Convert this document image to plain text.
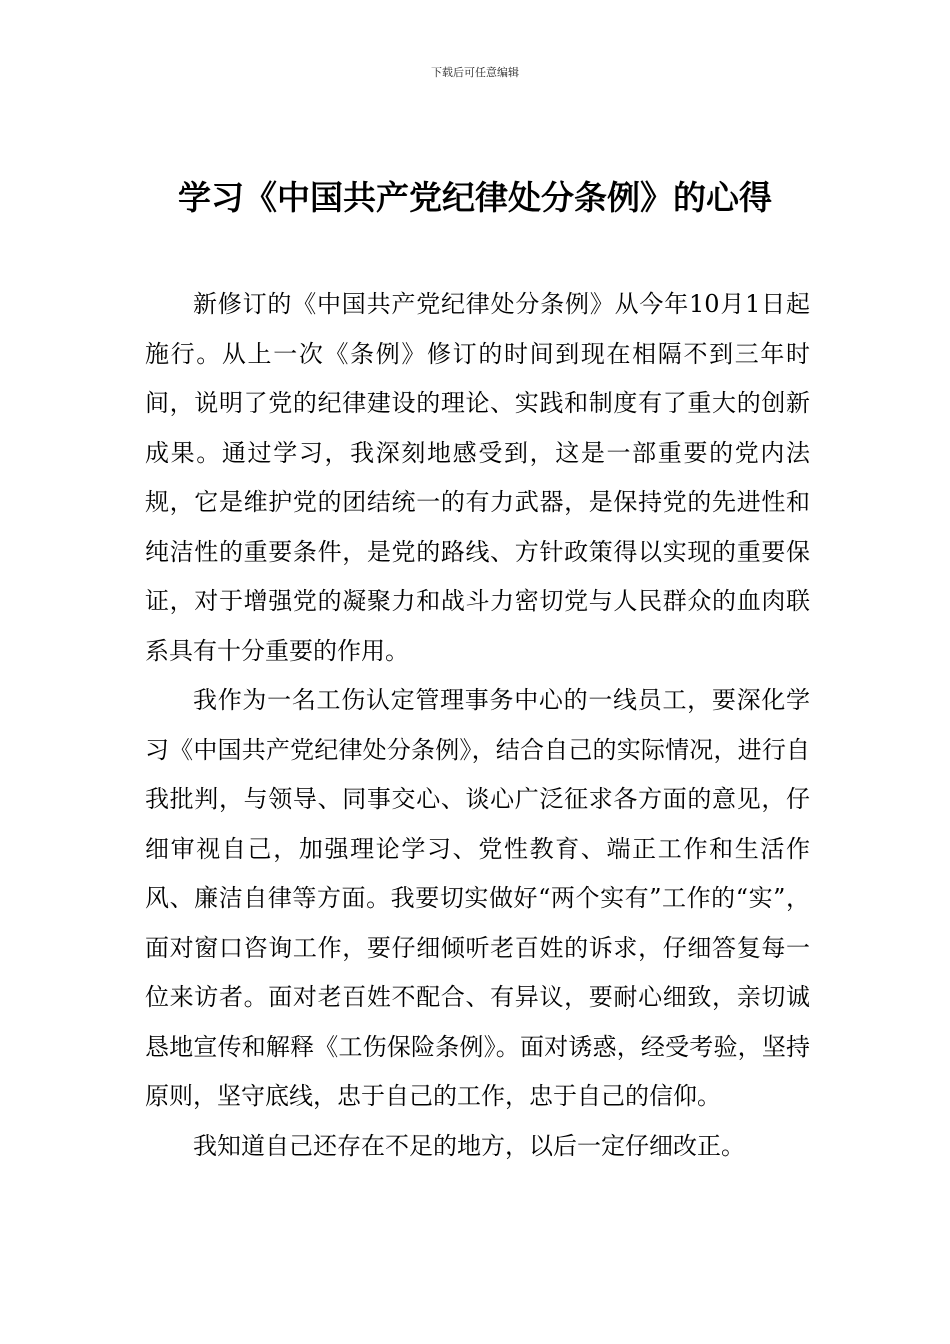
下载后可任意编辑
学习《中国共产党纪律处分条例》的心得

新修订的《中国共产党纪律处分条例》从今年10月1日起施行。从上一次《条例》修订的时间到现在相隔不到三年时间，说明了党的纪律建设的理论、实践和制度有了重大的创新成果。通过学习，我深刻地感受到，这是一部重要的党内法规，它是维护党的团结统一的有力武器，是保持党的先进性和纯洁性的重要条件，是党的路线、方针政策得以实现的重要保证，对于增强党的凝聚力和战斗力密切党与人民群众的血肉联系具有十分重要的作用。

我作为一名工伤认定管理事务中心的一线员工，要深化学习《中国共产党纪律处分条例》，结合自己的实际情况，进行自我批判，与领导、同事交心、谈心广泛征求各方面的意见，仔细审视自己，加强理论学习、党性教育、端正工作和生活作风、廉洁自律等方面。我要切实做好“两个实有”工作的“实”，面对窗口咨询工作，要仔细倾听老百姓的诉求，仔细答复每一位来访者。面对老百姓不配合、有异议，要耐心细致，亲切诚恳地宣传和解释《工伤保险条例》。面对诱惑，经受考验，坚持原则，坚守底线，忠于自己的工作，忠于自己的信仰。

我知道自己还存在不足的地方，以后一定仔细改正。
